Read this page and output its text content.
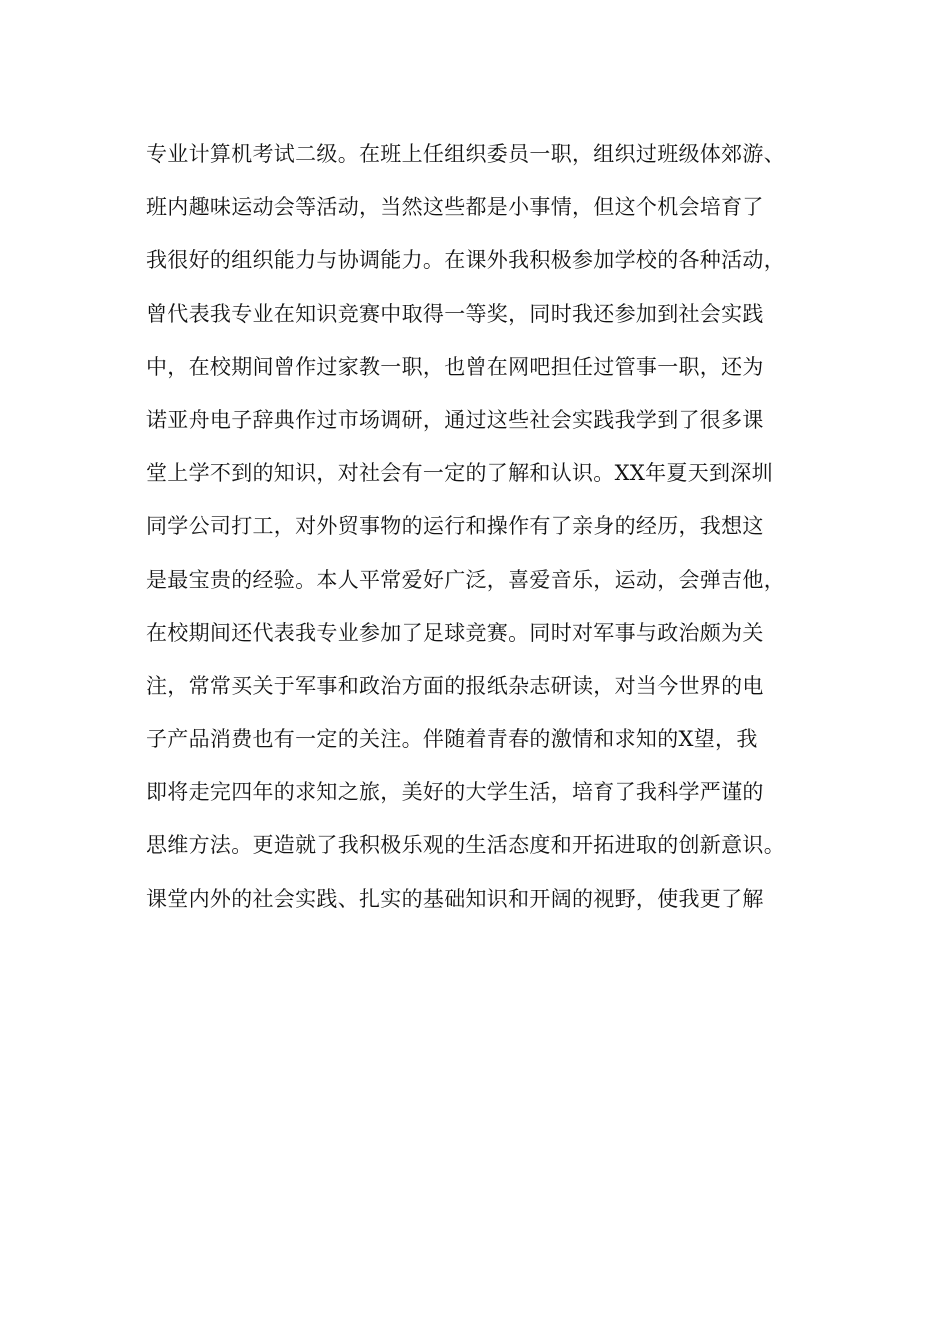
专业计算机考试二级。在班上任组织委员一职，组织过班级体郊游、
班内趣味运动会等活动，当然这些都是小事情，但这个机会培育了
我很好的组织能力与协调能力。在课外我积极参加学校的各种活动，
曾代表我专业在知识竞赛中取得一等奖，同时我还参加到社会实践
中，在校期间曾作过家教一职，也曾在网吧担任过管事一职，还为
诺亚舟电子辞典作过市场调研，通过这些社会实践我学到了很多课
堂上学不到的知识，对社会有一定的了解和认识。XX年夏天到深圳
同学公司打工，对外贸事物的运行和操作有了亲身的经历，我想这
是最宝贵的经验。本人平常爱好广泛，喜爱音乐，运动，会弹吉他，
在校期间还代表我专业参加了足球竞赛。同时对军事与政治颇为关
注，常常买关于军事和政治方面的报纸杂志研读，对当今世界的电
子产品消费也有一定的关注。伴随着青春的激情和求知的X望，我
即将走完四年的求知之旅，美好的大学生活，培育了我科学严谨的
思维方法。更造就了我积极乐观的生活态度和开拓进取的创新意识。
课堂内外的社会实践、扎实的基础知识和开阔的视野，使我更了解
